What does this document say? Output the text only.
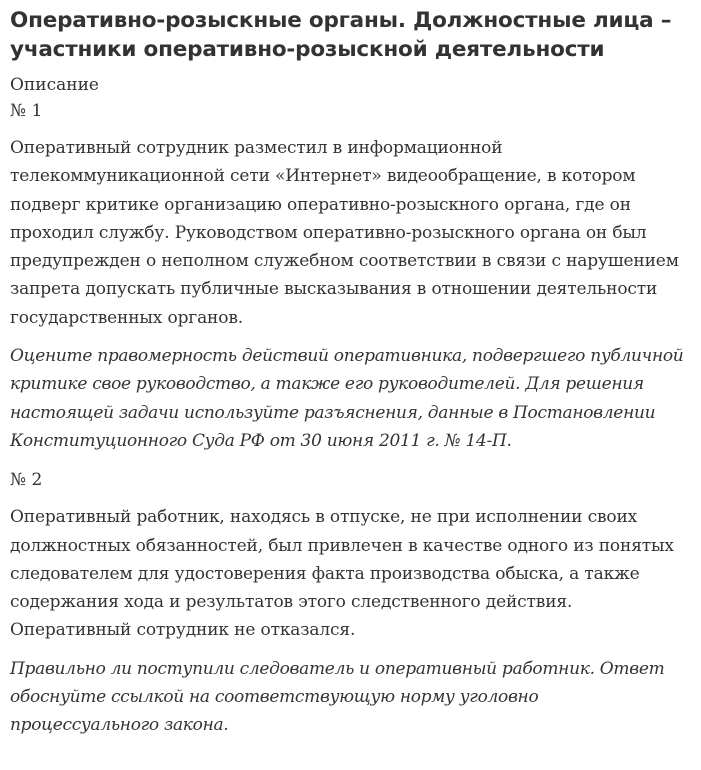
Оперативно-розыскные органы. Должностные лица – участники оперативно-розыскной деятельности

Описание

№ 1

Оперативный сотрудник разместил в информационной телекоммуникационной сети «Интернет» видеообращение, в котором подверг критике организацию оперативно-розыскного органа, где он проходил службу. Руководством оперативно-розыскного органа он был предупрежден о неполном служебном соответствии в связи с нарушением запрета допускать публичные высказывания в отношении деятельности государственных органов.

Оцените правомерность действий оперативника, подвергшего публичной критике свое руководство, а также его руководителей. Для решения настоящей задачи используйте разъяснения, данные в Постановлении Конституционного Суда РФ от 30 июня 2011 г. № 14-П.

№ 2

Оперативный работник, находясь в отпуске, не при исполнении своих должностных обязанностей, был привлечен в качестве одного из понятых следователем для удостоверения факта производства обыска, а также содержания хода и результатов этого следственного действия. Оперативный сотрудник не отказался.

Правильно ли поступили следователь и оперативный работник. Ответ обоснуйте ссылкой на соответствующую норму уголовно процессуального закона.
